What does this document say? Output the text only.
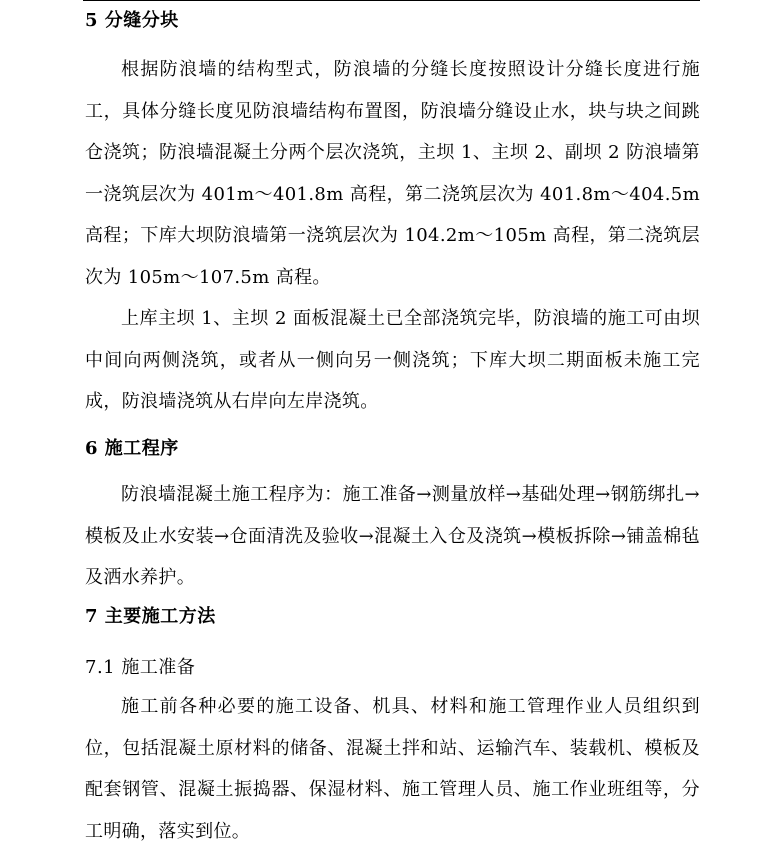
5 分缝分块

根据防浪墙的结构型式，防浪墙的分缝长度按照设计分缝长度进行施工，具体分缝长度见防浪墙结构布置图，防浪墙分缝设止水，块与块之间跳仓浇筑；防浪墙混凝土分两个层次浇筑，主坝 1、主坝 2、副坝 2 防浪墙第一浇筑层次为 401m～401.8m 高程，第二浇筑层次为 401.8m～404.5m 高程；下库大坝防浪墙第一浇筑层次为 104.2m～105m 高程，第二浇筑层次为 105m～107.5m 高程。

上库主坝 1、主坝 2 面板混凝土已全部浇筑完毕，防浪墙的施工可由坝中间向两侧浇筑，或者从一侧向另一侧浇筑；下库大坝二期面板未施工完成，防浪墙浇筑从右岸向左岸浇筑。

6 施工程序

防浪墙混凝土施工程序为：施工准备→测量放样→基础处理→钢筋绑扎→模板及止水安装→仓面清洗及验收→混凝土入仓及浇筑→模板拆除→铺盖棉毡及洒水养护。

7 主要施工方法
7.1 施工准备

施工前各种必要的施工设备、机具、材料和施工管理作业人员组织到位，包括混凝土原材料的储备、混凝土拌和站、运输汽车、装载机、模板及配套钢管、混凝土振捣器、保湿材料、施工管理人员、施工作业班组等，分工明确，落实到位。
